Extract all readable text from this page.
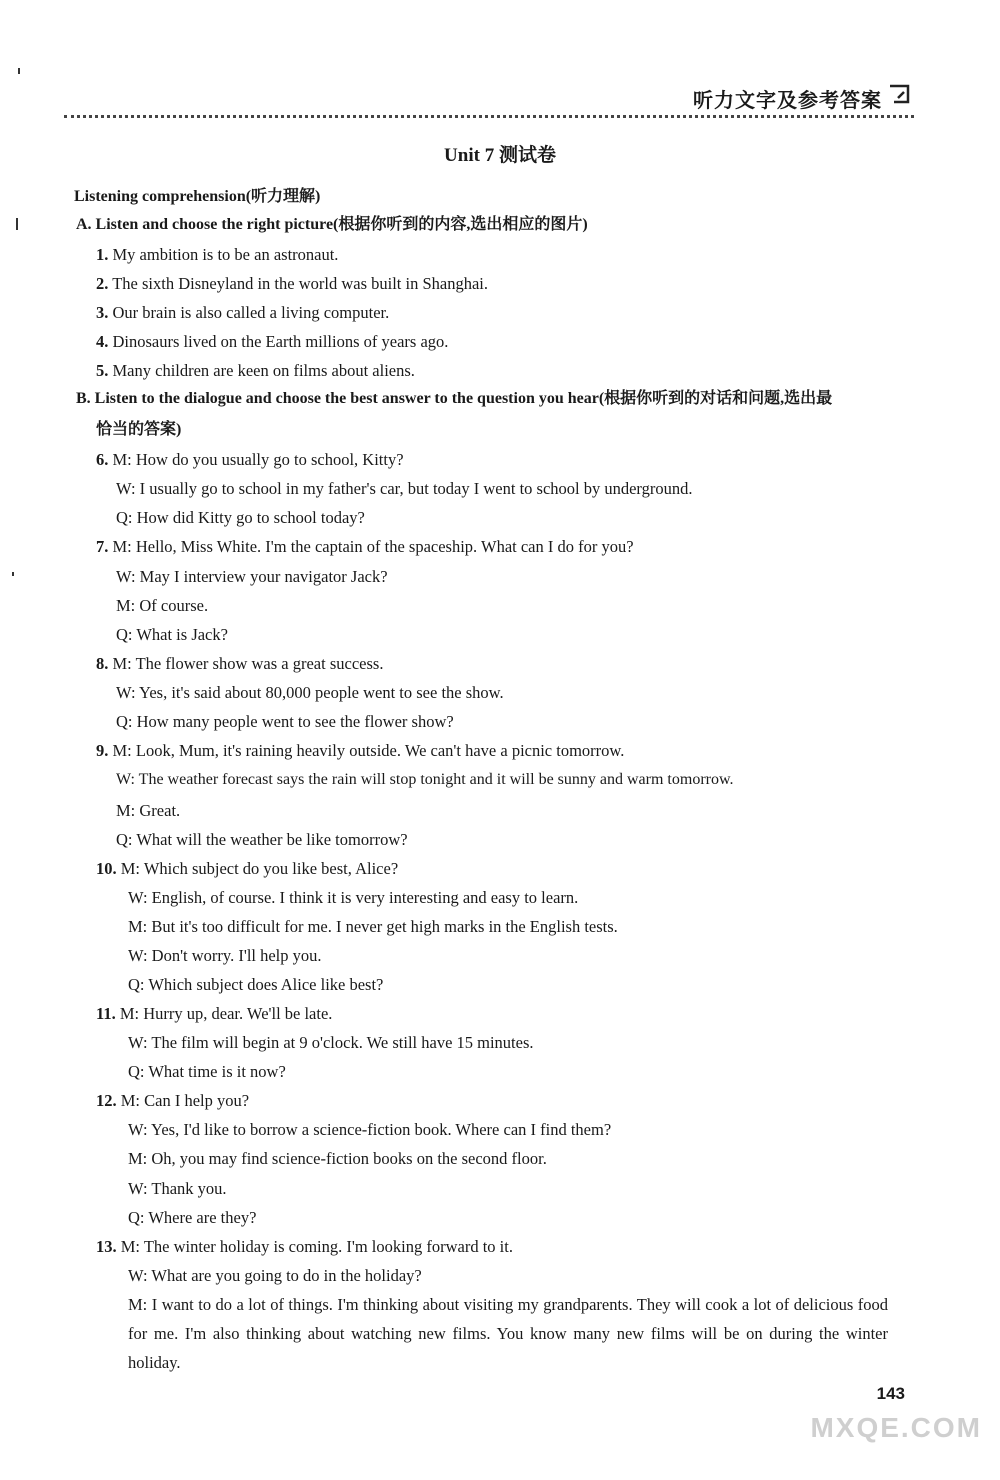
听力文字及参考答案
Unit 7 测试卷
Listening comprehension(听力理解)
A. Listen and choose the right picture(根据你听到的内容,选出相应的图片)
1. My ambition is to be an astronaut.
2. The sixth Disneyland in the world was built in Shanghai.
3. Our brain is also called a living computer.
4. Dinosaurs lived on the Earth millions of years ago.
5. Many children are keen on films about aliens.
B. Listen to the dialogue and choose the best answer to the question you hear(根据你听到的对话和问题,选出最
恰当的答案)
6. M: How do you usually go to school, Kitty?
W: I usually go to school in my father's car, but today I went to school by underground.
Q: How did Kitty go to school today?
7. M: Hello, Miss White. I'm the captain of the spaceship. What can I do for you?
W: May I interview your navigator Jack?
M: Of course.
Q: What is Jack?
8. M: The flower show was a great success.
W: Yes, it's said about 80,000 people went to see the show.
Q: How many people went to see the flower show?
9. M: Look, Mum, it's raining heavily outside. We can't have a picnic tomorrow.
W: The weather forecast says the rain will stop tonight and it will be sunny and warm tomorrow.
M: Great.
Q: What will the weather be like tomorrow?
10. M: Which subject do you like best, Alice?
W: English, of course. I think it is very interesting and easy to learn.
M: But it's too difficult for me. I never get high marks in the English tests.
W: Don't worry. I'll help you.
Q: Which subject does Alice like best?
11. M: Hurry up, dear. We'll be late.
W: The film will begin at 9 o'clock. We still have 15 minutes.
Q: What time is it now?
12. M: Can I help you?
W: Yes, I'd like to borrow a science-fiction book. Where can I find them?
M: Oh, you may find science-fiction books on the second floor.
W: Thank you.
Q: Where are they?
13. M: The winter holiday is coming. I'm looking forward to it.
W: What are you going to do in the holiday?
M: I want to do a lot of things. I'm thinking about visiting my grandparents. They will cook a lot of delicious food for me. I'm also thinking about watching new films. You know many new films will be on during the winter holiday.
143
MXQE.COM
